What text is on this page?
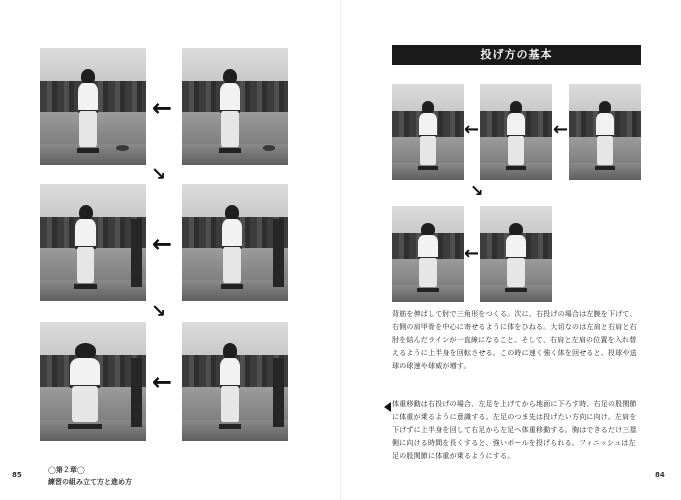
←
↘
←
↘
←
85
◯第２章◯
練習の組み立て方と進め方
投げ方の基本
←
←
↘
←
背筋を伸ばして肘で三角形をつくる。次に、右投げの場合は左腕を下げて、右側の肩甲骨を中心に寄せるように体をひねる。大切なのは左肩と右肩と右肘を結んだラインが一直線になること。そして、右肩と左肩の位置を入れ替えるように上半身を回転させる。この時に速く強く体を回せると、投球や送球の球速や球威が増す。
体重移動は右投げの場合、左足を上げてから地面に下ろす時、右足の股関節に体重が乗るように意識する。左足のつま先は投げたい方向に向け、左肩を下げずに上半身を回して右足から左足へ体重移動する。胸はできるだけ三塁側に向ける時間を長くすると、強いボールを投げられる。フィニッシュは左足の股関節に体重が乗るようにする。
84
